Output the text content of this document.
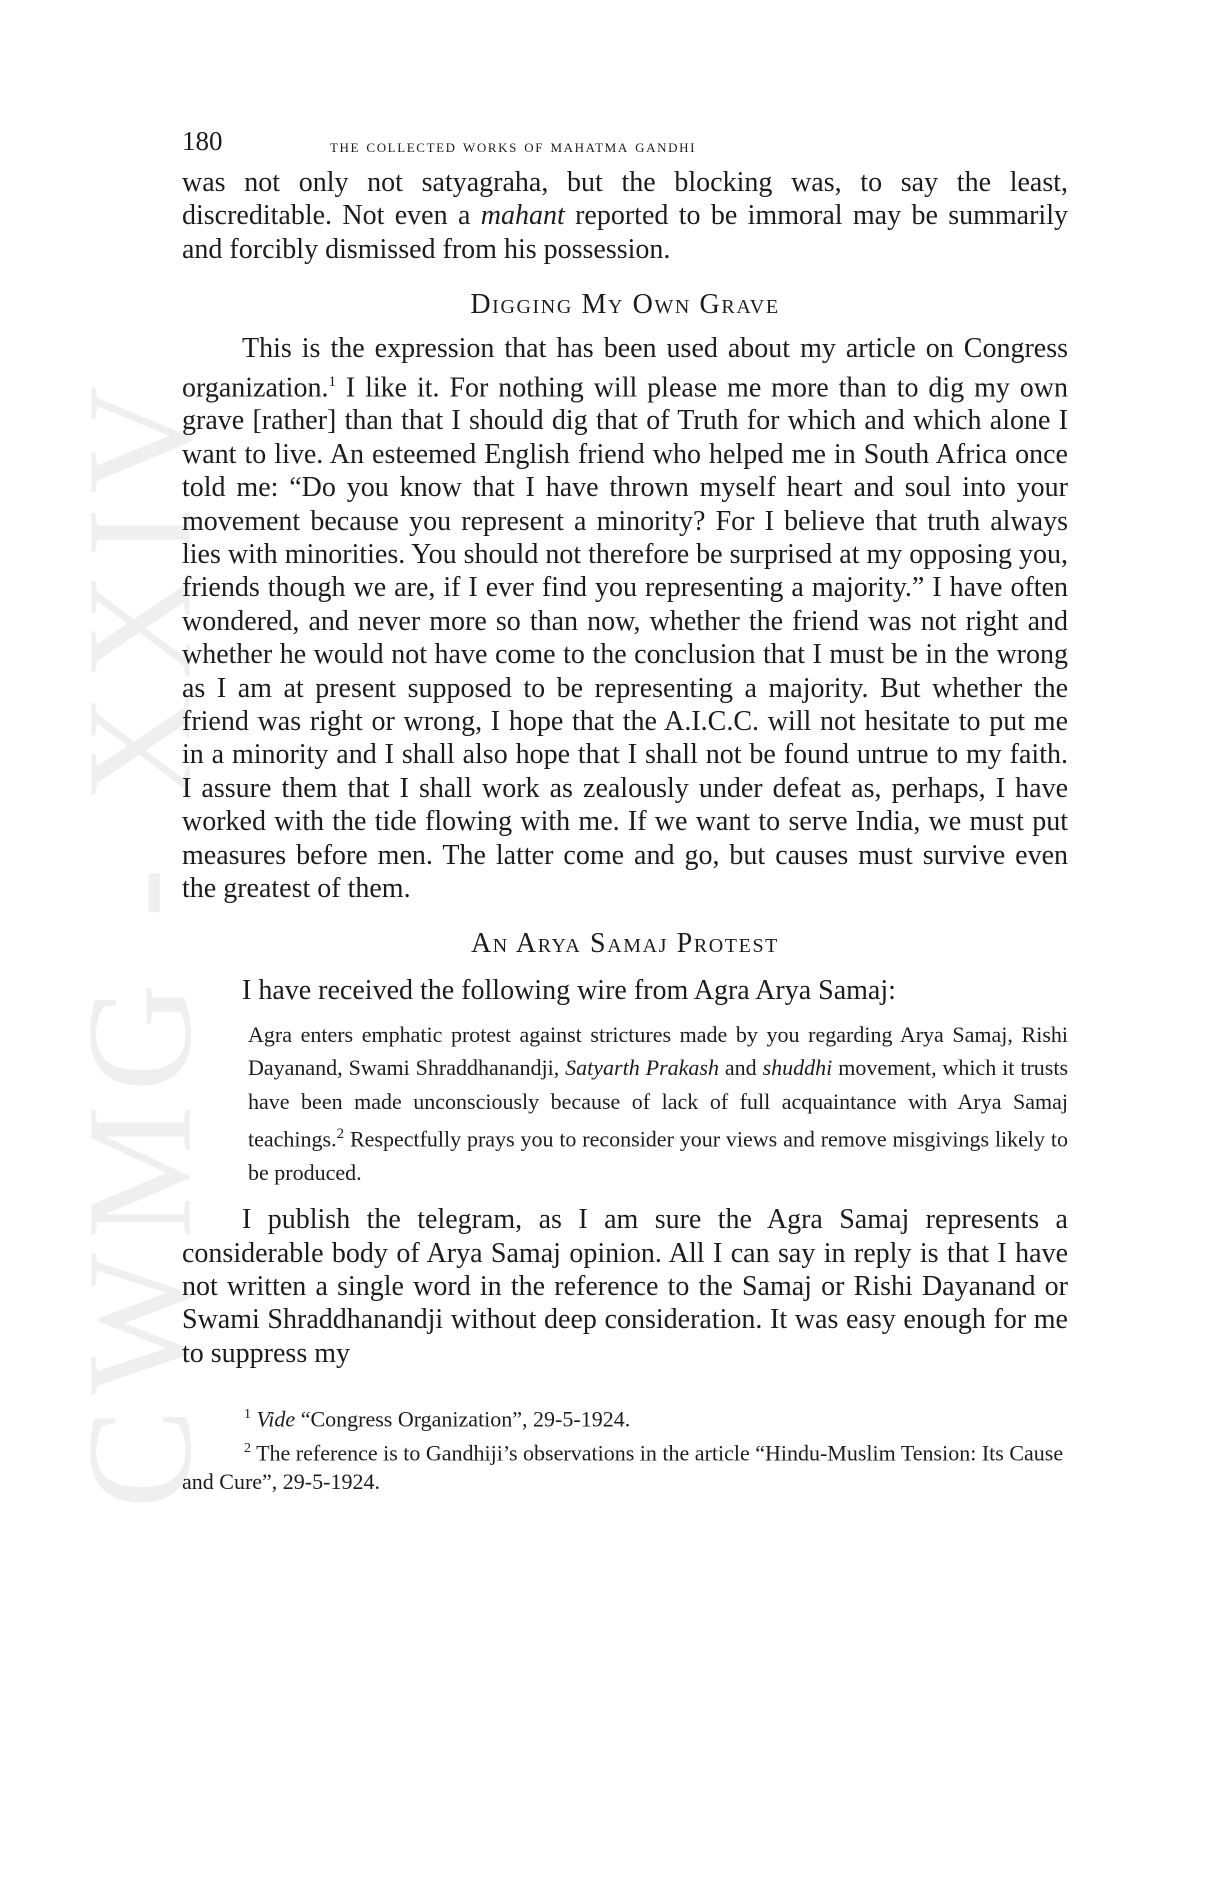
CWMG - XXIV
180	the collected works of mahatma gandhi

was not only not satyagraha, but the blocking was, to say the least, discreditable. Not even a mahant reported to be immoral may be summarily and forcibly dismissed from his possession.

Digging My Own Grave

This is the expression that has been used about my article on Congress organization.$^1$ I like it. For nothing will please me more than to dig my own grave [rather] than that I should dig that of Truth for which and which alone I want to live. An esteemed English friend who helped me in South Africa once told me: “Do you know that I have thrown myself heart and soul into your movement because you represent a minority? For I believe that truth always lies with minorities. You should not therefore be surprised at my opposing you, friends though we are, if I ever find you representing a majority.” I have often wondered, and never more so than now, whether the friend was not right and whether he would not have come to the conclusion that I must be in the wrong as I am at present supposed to be representing a majority. But whether the friend was right or wrong, I hope that the A.I.C.C. will not hesitate to put me in a minority and I shall also hope that I shall not be found untrue to my faith. I assure them that I shall work as zealously under defeat as, perhaps, I have worked with the tide flowing with me. If we want to serve India, we must put measures before men. The latter come and go, but causes must survive even the greatest of them.

An Arya Samaj Protest

I have received the following wire from Agra Arya Samaj:

Agra enters emphatic protest against strictures made by you regarding Arya Samaj, Rishi Dayanand, Swami Shraddhanandji, Satyarth Prakash and shuddhi movement, which it trusts have been made unconsciously because of lack of full acquaintance with Arya Samaj teachings.$^2$ Respectfully prays you to reconsider your views and remove misgivings likely to be produced.

I publish the telegram, as I am sure the Agra Samaj represents a considerable body of Arya Samaj opinion. All I can say in reply is that I have not written a single word in the reference to the Samaj or Rishi Dayanand or Swami Shraddhanandji without deep consideration. It was easy enough for me to suppress my

$^1$ Vide “Congress Organization”, 29-5-1924.

$^2$ The reference is to Gandhiji’s observations in the article “Hindu-Muslim Tension: Its Cause and Cure”, 29-5-1924.
